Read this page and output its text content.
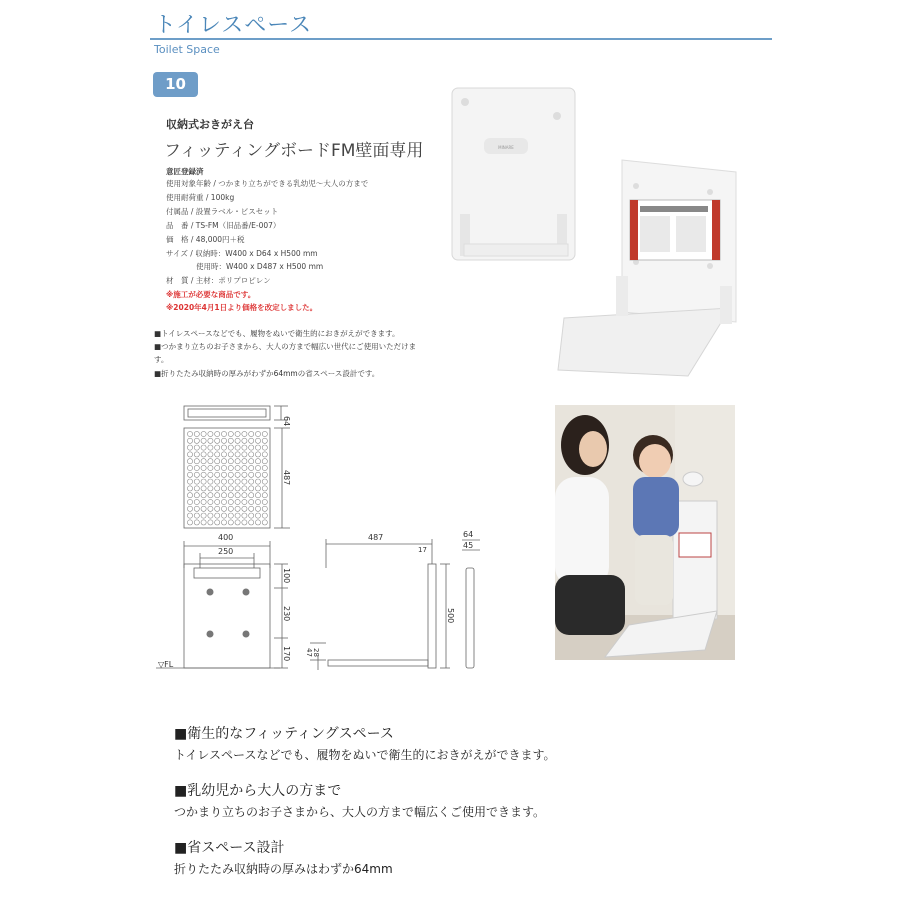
トイレスペース
Toilet Space
10
収納式おきがえ台
フィッティングボードFM壁面専用
意匠登録済
使用対象年齢 / つかまり立ちができる乳幼児～大人の方まで
使用耐荷重 / 100kg
付属品 / 設置ラベル・ビスセット
品　番 / TS-FM（旧品番/E-007）
価　格 / 48,000円＋税
サイズ / 収納時：W400 x D64 x H500 mm
　　　　使用時：W400 x D487 x H500 mm
材　質 / 主材：ポリプロピレン
※施工が必要な商品です。
※2020年4月1日より価格を改定しました。
MINARE
■トイレスペースなどでも、履物をぬいで衛生的におきがえができます。
■つかまり立ちのお子さまから、大人の方まで幅広い世代にご使用いただけま
す。
■折りたたみ収納時の厚みがわずか64mmの省スペース設計です。
64
487
400
250
100
230
170
▽FL
487
17
500
47 28
64
45
■衛生的なフィッティングスペース
トイレスペースなどでも、履物をぬいで衛生的におきがえができます。
■乳幼児から大人の方まで
つかまり立ちのお子さまから、大人の方まで幅広くご使用できます。
■省スペース設計
折りたたみ収納時の厚みはわずか64mm
